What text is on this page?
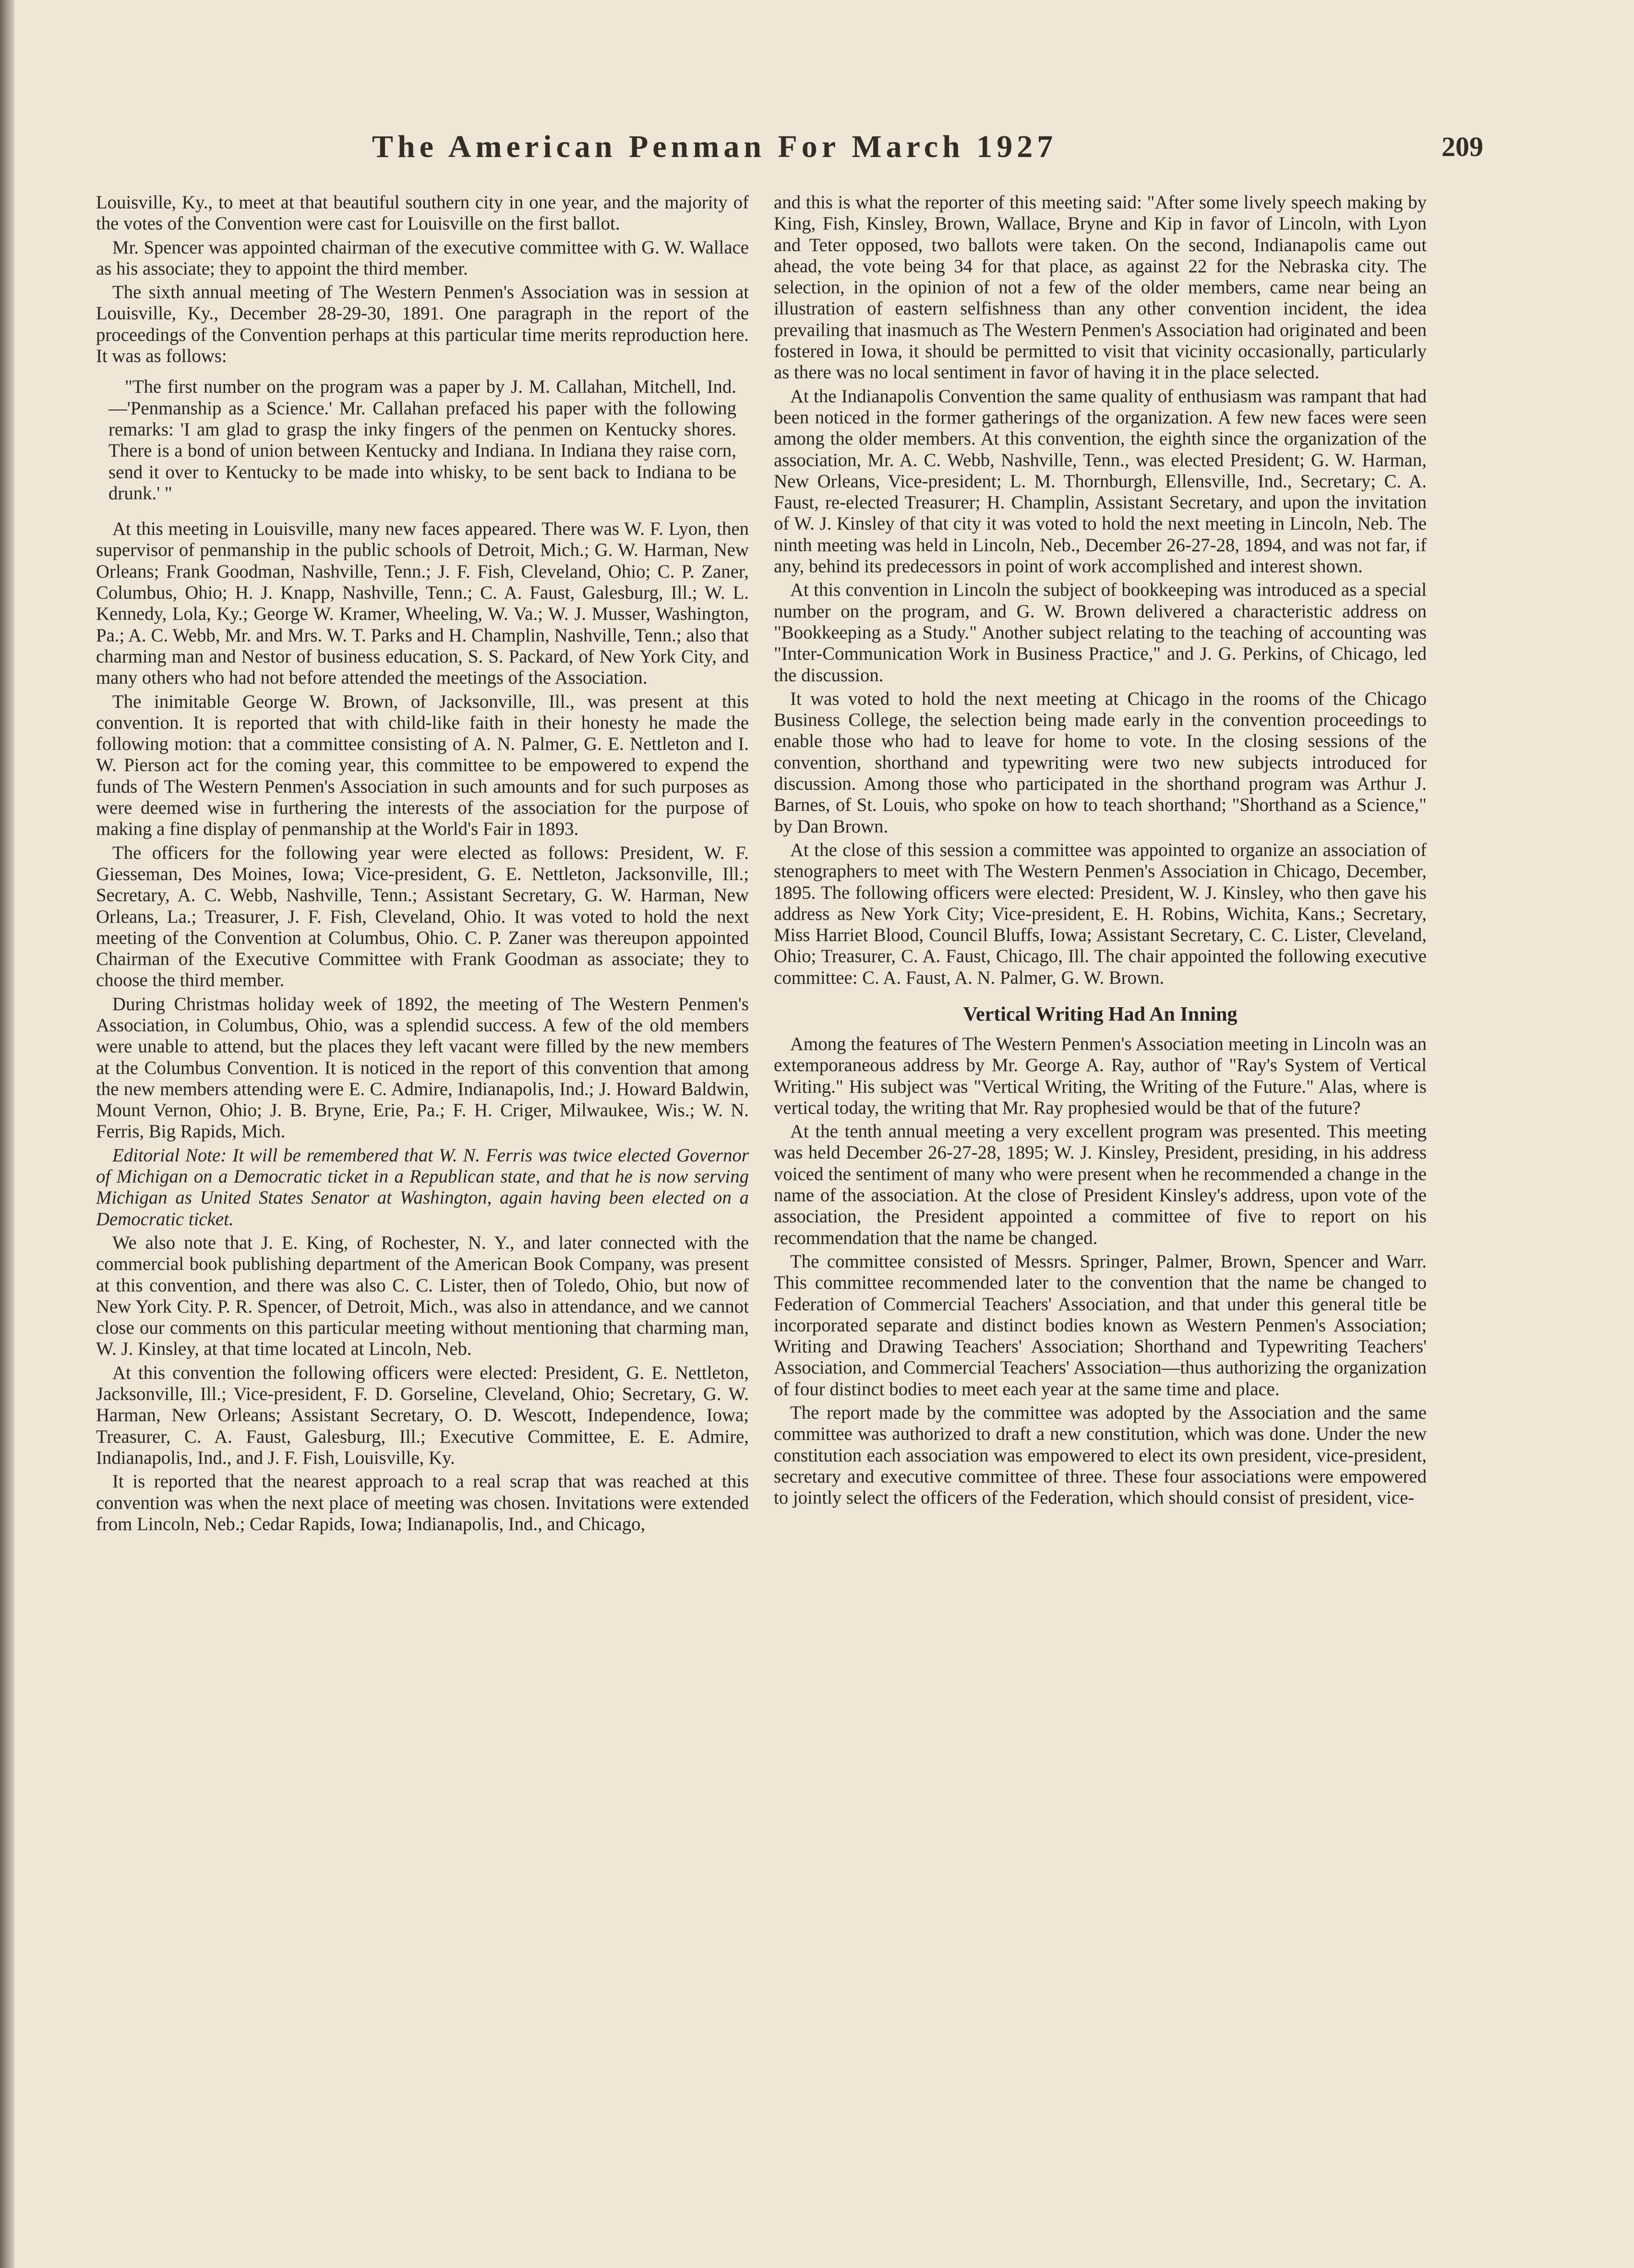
The American Penman For March 1927	209

Louisville, Ky., to meet at that beautiful southern city in one year, and the majority of the votes of the Convention were cast for Louisville on the first ballot.

Mr. Spencer was appointed chairman of the executive committee with G. W. Wallace as his associate; they to appoint the third member.

The sixth annual meeting of The Western Penmen's Association was in session at Louisville, Ky., December 28-29-30, 1891. One paragraph in the report of the proceedings of the Convention perhaps at this particular time merits reproduction here. It was as follows:

"The first number on the program was a paper by J. M. Callahan, Mitchell, Ind.—'Penmanship as a Science.' Mr. Callahan prefaced his paper with the following remarks: 'I am glad to grasp the inky fingers of the penmen on Kentucky shores. There is a bond of union between Kentucky and Indiana. In Indiana they raise corn, send it over to Kentucky to be made into whisky, to be sent back to Indiana to be drunk.' "

At this meeting in Louisville, many new faces appeared. There was W. F. Lyon, then supervisor of penmanship in the public schools of Detroit, Mich.; G. W. Harman, New Orleans; Frank Goodman, Nashville, Tenn.; J. F. Fish, Cleveland, Ohio; C. P. Zaner, Columbus, Ohio; H. J. Knapp, Nashville, Tenn.; C. A. Faust, Galesburg, Ill.; W. L. Kennedy, Lola, Ky.; George W. Kramer, Wheeling, W. Va.; W. J. Musser, Washington, Pa.; A. C. Webb, Mr. and Mrs. W. T. Parks and H. Champlin, Nashville, Tenn.; also that charming man and Nestor of business education, S. S. Packard, of New York City, and many others who had not before attended the meetings of the Association.

The inimitable George W. Brown, of Jacksonville, Ill., was present at this convention. It is reported that with child-like faith in their honesty he made the following motion: that a committee consisting of A. N. Palmer, G. E. Nettleton and I. W. Pierson act for the coming year, this committee to be empowered to expend the funds of The Western Penmen's Association in such amounts and for such purposes as were deemed wise in furthering the interests of the association for the purpose of making a fine display of penmanship at the World's Fair in 1893.

The officers for the following year were elected as follows: President, W. F. Giesseman, Des Moines, Iowa; Vice-president, G. E. Nettleton, Jacksonville, Ill.; Secretary, A. C. Webb, Nashville, Tenn.; Assistant Secretary, G. W. Harman, New Orleans, La.; Treasurer, J. F. Fish, Cleveland, Ohio. It was voted to hold the next meeting of the Convention at Columbus, Ohio. C. P. Zaner was thereupon appointed Chairman of the Executive Committee with Frank Goodman as associate; they to choose the third member.

During Christmas holiday week of 1892, the meeting of The Western Penmen's Association, in Columbus, Ohio, was a splendid success. A few of the old members were unable to attend, but the places they left vacant were filled by the new members at the Columbus Convention. It is noticed in the report of this convention that among the new members attending were E. C. Admire, Indianapolis, Ind.; J. Howard Baldwin, Mount Vernon, Ohio; J. B. Bryne, Erie, Pa.; F. H. Criger, Milwaukee, Wis.; W. N. Ferris, Big Rapids, Mich.

Editorial Note: It will be remembered that W. N. Ferris was twice elected Governor of Michigan on a Democratic ticket in a Republican state, and that he is now serving Michigan as United States Senator at Washington, again having been elected on a Democratic ticket.

We also note that J. E. King, of Rochester, N. Y., and later connected with the commercial book publishing department of the American Book Company, was present at this convention, and there was also C. C. Lister, then of Toledo, Ohio, but now of New York City. P. R. Spencer, of Detroit, Mich., was also in attendance, and we cannot close our comments on this particular meeting without mentioning that charming man, W. J. Kinsley, at that time located at Lincoln, Neb.

At this convention the following officers were elected: President, G. E. Nettleton, Jacksonville, Ill.; Vice-president, F. D. Gorseline, Cleveland, Ohio; Secretary, G. W. Harman, New Orleans; Assistant Secretary, O. D. Wescott, Independence, Iowa; Treasurer, C. A. Faust, Galesburg, Ill.; Executive Committee, E. E. Admire, Indianapolis, Ind., and J. F. Fish, Louisville, Ky.

It is reported that the nearest approach to a real scrap that was reached at this convention was when the next place of meeting was chosen. Invitations were extended from Lincoln, Neb.; Cedar Rapids, Iowa; Indianapolis, Ind., and Chicago,

and this is what the reporter of this meeting said: "After some lively speech making by King, Fish, Kinsley, Brown, Wallace, Bryne and Kip in favor of Lincoln, with Lyon and Teter opposed, two ballots were taken. On the second, Indianapolis came out ahead, the vote being 34 for that place, as against 22 for the Nebraska city. The selection, in the opinion of not a few of the older members, came near being an illustration of eastern selfishness than any other convention incident, the idea prevailing that inasmuch as The Western Penmen's Association had originated and been fostered in Iowa, it should be permitted to visit that vicinity occasionally, particularly as there was no local sentiment in favor of having it in the place selected.

At the Indianapolis Convention the same quality of enthusiasm was rampant that had been noticed in the former gatherings of the organization. A few new faces were seen among the older members. At this convention, the eighth since the organization of the association, Mr. A. C. Webb, Nashville, Tenn., was elected President; G. W. Harman, New Orleans, Vice-president; L. M. Thornburgh, Ellensville, Ind., Secretary; C. A. Faust, re-elected Treasurer; H. Champlin, Assistant Secretary, and upon the invitation of W. J. Kinsley of that city it was voted to hold the next meeting in Lincoln, Neb. The ninth meeting was held in Lincoln, Neb., December 26-27-28, 1894, and was not far, if any, behind its predecessors in point of work accomplished and interest shown.

At this convention in Lincoln the subject of bookkeeping was introduced as a special number on the program, and G. W. Brown delivered a characteristic address on "Bookkeeping as a Study." Another subject relating to the teaching of accounting was "Inter-Communication Work in Business Practice," and J. G. Perkins, of Chicago, led the discussion.

It was voted to hold the next meeting at Chicago in the rooms of the Chicago Business College, the selection being made early in the convention proceedings to enable those who had to leave for home to vote. In the closing sessions of the convention, shorthand and typewriting were two new subjects introduced for discussion. Among those who participated in the shorthand program was Arthur J. Barnes, of St. Louis, who spoke on how to teach shorthand; "Shorthand as a Science," by Dan Brown.

At the close of this session a committee was appointed to organize an association of stenographers to meet with The Western Penmen's Association in Chicago, December, 1895. The following officers were elected: President, W. J. Kinsley, who then gave his address as New York City; Vice-president, E. H. Robins, Wichita, Kans.; Secretary, Miss Harriet Blood, Council Bluffs, Iowa; Assistant Secretary, C. C. Lister, Cleveland, Ohio; Treasurer, C. A. Faust, Chicago, Ill. The chair appointed the following executive committee: C. A. Faust, A. N. Palmer, G. W. Brown.

Vertical Writing Had An Inning

Among the features of The Western Penmen's Association meeting in Lincoln was an extemporaneous address by Mr. George A. Ray, author of "Ray's System of Vertical Writing." His subject was "Vertical Writing, the Writing of the Future." Alas, where is vertical today, the writing that Mr. Ray prophesied would be that of the future?

At the tenth annual meeting a very excellent program was presented. This meeting was held December 26-27-28, 1895; W. J. Kinsley, President, presiding, in his address voiced the sentiment of many who were present when he recommended a change in the name of the association. At the close of President Kinsley's address, upon vote of the association, the President appointed a committee of five to report on his recommendation that the name be changed.

The committee consisted of Messrs. Springer, Palmer, Brown, Spencer and Warr. This committee recommended later to the convention that the name be changed to Federation of Commercial Teachers' Association, and that under this general title be incorporated separate and distinct bodies known as Western Penmen's Association; Writing and Drawing Teachers' Association; Shorthand and Typewriting Teachers' Association, and Commercial Teachers' Association—thus authorizing the organization of four distinct bodies to meet each year at the same time and place.

The report made by the committee was adopted by the Association and the same committee was authorized to draft a new constitution, which was done. Under the new constitution each association was empowered to elect its own president, vice-president, secretary and executive committee of three. These four associations were empowered to jointly select the officers of the Federation, which should consist of president, vice-
